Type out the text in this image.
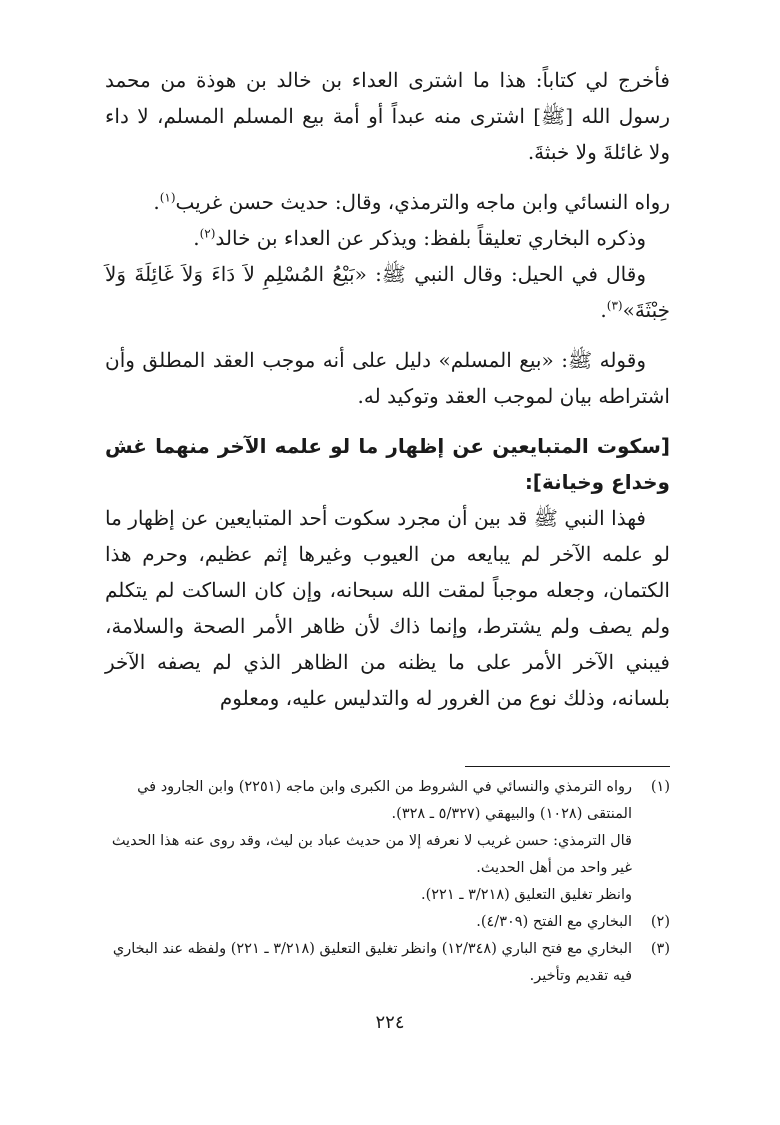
فأخرج لي كتاباً: هذا ما اشترى العداء بن خالد بن هوذة من محمد رسول الله [ﷺ] اشترى منه عبداً أو أمة بيع المسلم المسلم، لا داء ولا غائلةَ ولا خبثةَ.

رواه النسائي وابن ماجه والترمذي، وقال: حديث حسن غريب$^{(١)}$.

وذكره البخاري تعليقاً بلفظ: ويذكر عن العداء بن خالد$^{(٢)}$.

وقال في الحيل: وقال النبي ﷺ: «بَيْعُ المُسْلِمِ لاَ دَاءَ وَلاَ غَائِلَةَ وَلاَ خِبْثَةَ»$^{(٣)}$.

وقوله ﷺ: «بيع المسلم» دليل على أنه موجب العقد المطلق وأن اشتراطه بيان لموجب العقد وتوكيد له.

[سكوت المتبايعين عن إظهار ما لو علمه الآخر منهما غش وخداع وخيانة]:

فهذا النبي ﷺ قد بين أن مجرد سكوت أحد المتبايعين عن إظهار ما لو علمه الآخر لم يبايعه من العيوب وغيرها إثم عظيم، وحرم هذا الكتمان، وجعله موجباً لمقت الله سبحانه، وإن كان الساكت لم يتكلم ولم يصف ولم يشترط، وإنما ذاك لأن ظاهر الأمر الصحة والسلامة، فيبني الآخر الأمر على ما يظنه من الظاهر الذي لم يصفه الآخر بلسانه، وذلك نوع من الغرور له والتدليس عليه، ومعلوم

(١)
رواه الترمذي والنسائي في الشروط من الكبرى وابن ماجه (٢٢٥١) وابن الجارود في المنتقى (١٠٢٨) والبيهقي (٥/٣٢٧ ـ ٣٢٨).
قال الترمذي: حسن غريب لا نعرفه إلا من حديث عباد بن ليث، وقد روى عنه هذا الحديث غير واحد من أهل الحديث.
وانظر تغليق التعليق (٣/٢١٨ ـ ٢٢١).
(٢)
البخاري مع الفتح (٤/٣٠٩).
(٣)
البخاري مع فتح الباري (١٢/٣٤٨) وانظر تغليق التعليق (٣/٢١٨ ـ ٢٢١) ولفظه عند البخاري فيه تقديم وتأخير.
٢٢٤
